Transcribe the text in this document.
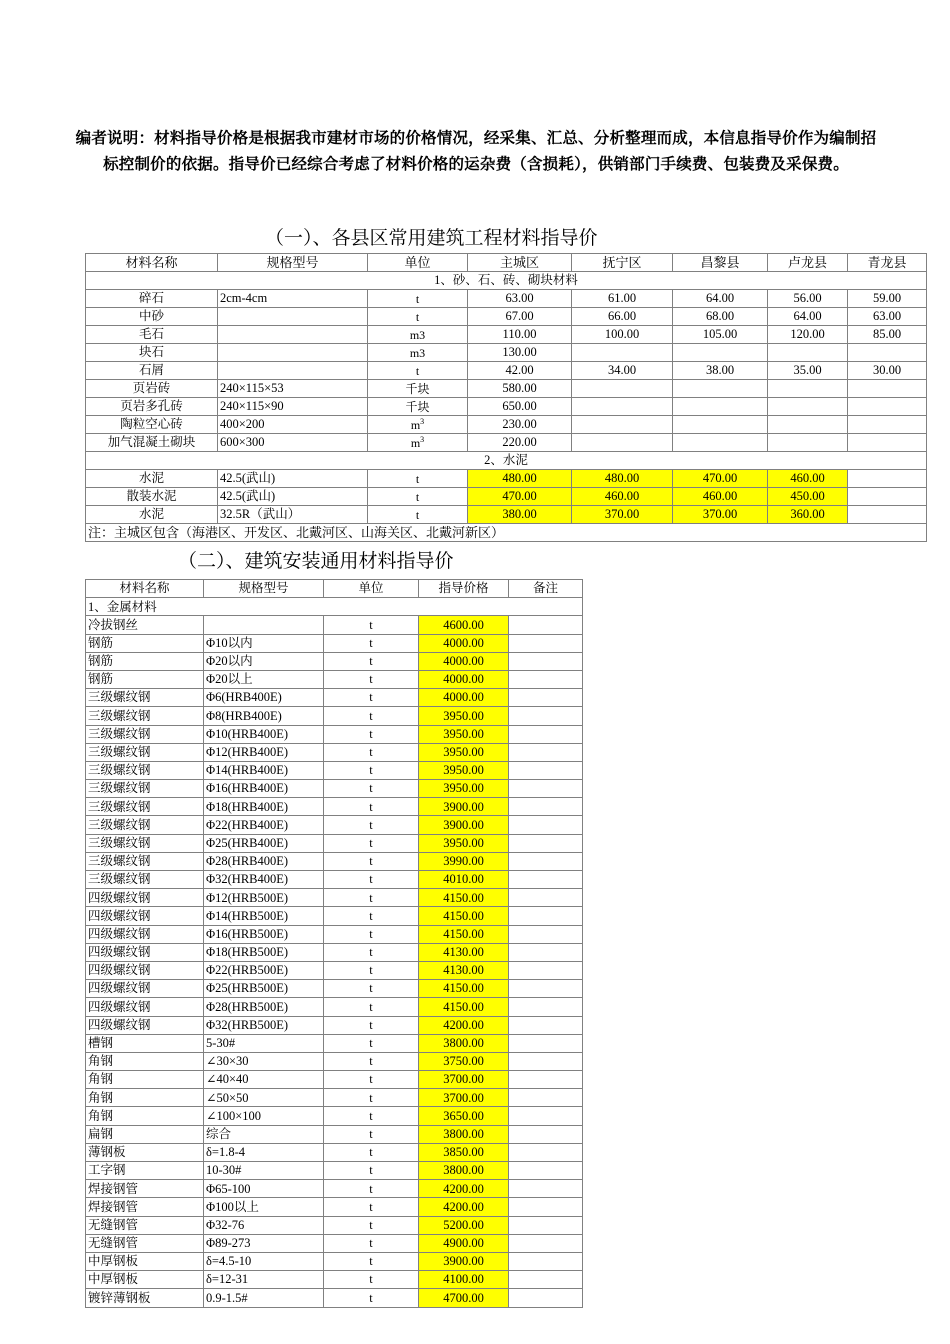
编者说明：材料指导价格是根据我市建材市场的价格情况，经采集、汇总、分析整理而成，本信息指导价作为编制招标控制价的依据。指导价已经综合考虑了材料价格的运杂费（含损耗），供销部门手续费、包装费及采保费。
（一）、各县区常用建筑工程材料指导价
材料名称	规格型号	单位	主城区	抚宁区	昌黎县	卢龙县	青龙县
1、砂、石、砖、砌块材料							
碎石	2cm-4cm	t	63.00	61.00	64.00	56.00	59.00
中砂		t	67.00	66.00	68.00	64.00	63.00
毛石		m3	110.00	100.00	105.00	120.00	85.00
块石		m3	130.00				
石屑		t	42.00	34.00	38.00	35.00	30.00
页岩砖	240×115×53	千块	580.00				
页岩多孔砖	240×115×90	千块	650.00				
陶粒空心砖	400×200	$m^3$	230.00				
加气混凝土砌块	600×300	$m^3$	220.00				
2、水泥							
水泥	42.5(武山)	t	480.00	480.00	470.00	460.00	
散装水泥	42.5(武山)	t	470.00	460.00	460.00	450.00	
水泥	32.5R（武山）	t	380.00	370.00	370.00	360.00	
注：主城区包含（海港区、开发区、北戴河区、山海关区、北戴河新区）							
（二）、建筑安装通用材料指导价
材料名称	规格型号	单位	指导价格	备注
1、金属材料				
冷拔钢丝		t	4600.00	
钢筋	Φ10以内	t	4000.00	
钢筋	Φ20以内	t	4000.00	
钢筋	Φ20以上	t	4000.00	
三级螺纹钢	Φ6(HRB400E)	t	4000.00	
三级螺纹钢	Φ8(HRB400E)	t	3950.00	
三级螺纹钢	Φ10(HRB400E)	t	3950.00	
三级螺纹钢	Φ12(HRB400E)	t	3950.00	
三级螺纹钢	Φ14(HRB400E)	t	3950.00	
三级螺纹钢	Φ16(HRB400E)	t	3950.00	
三级螺纹钢	Φ18(HRB400E)	t	3900.00	
三级螺纹钢	Φ22(HRB400E)	t	3900.00	
三级螺纹钢	Φ25(HRB400E)	t	3950.00	
三级螺纹钢	Φ28(HRB400E)	t	3990.00	
三级螺纹钢	Φ32(HRB400E)	t	4010.00	
四级螺纹钢	Φ12(HRB500E)	t	4150.00	
四级螺纹钢	Φ14(HRB500E)	t	4150.00	
四级螺纹钢	Φ16(HRB500E)	t	4150.00	
四级螺纹钢	Φ18(HRB500E)	t	4130.00	
四级螺纹钢	Φ22(HRB500E)	t	4130.00	
四级螺纹钢	Φ25(HRB500E)	t	4150.00	
四级螺纹钢	Φ28(HRB500E)	t	4150.00	
四级螺纹钢	Φ32(HRB500E)	t	4200.00	
槽钢	5-30#	t	3800.00	
角钢	∠30×30	t	3750.00	
角钢	∠40×40	t	3700.00	
角钢	∠50×50	t	3700.00	
角钢	∠100×100	t	3650.00	
扁钢	综合	t	3800.00	
薄钢板	δ=1.8-4	t	3850.00	
工字钢	10-30#	t	3800.00	
焊接钢管	Φ65-100	t	4200.00	
焊接钢管	Φ100以上	t	4200.00	
无缝钢管	Φ32-76	t	5200.00	
无缝钢管	Φ89-273	t	4900.00	
中厚钢板	δ=4.5-10	t	3900.00	
中厚钢板	δ=12-31	t	4100.00	
镀锌薄钢板	0.9-1.5#	t	4700.00	
